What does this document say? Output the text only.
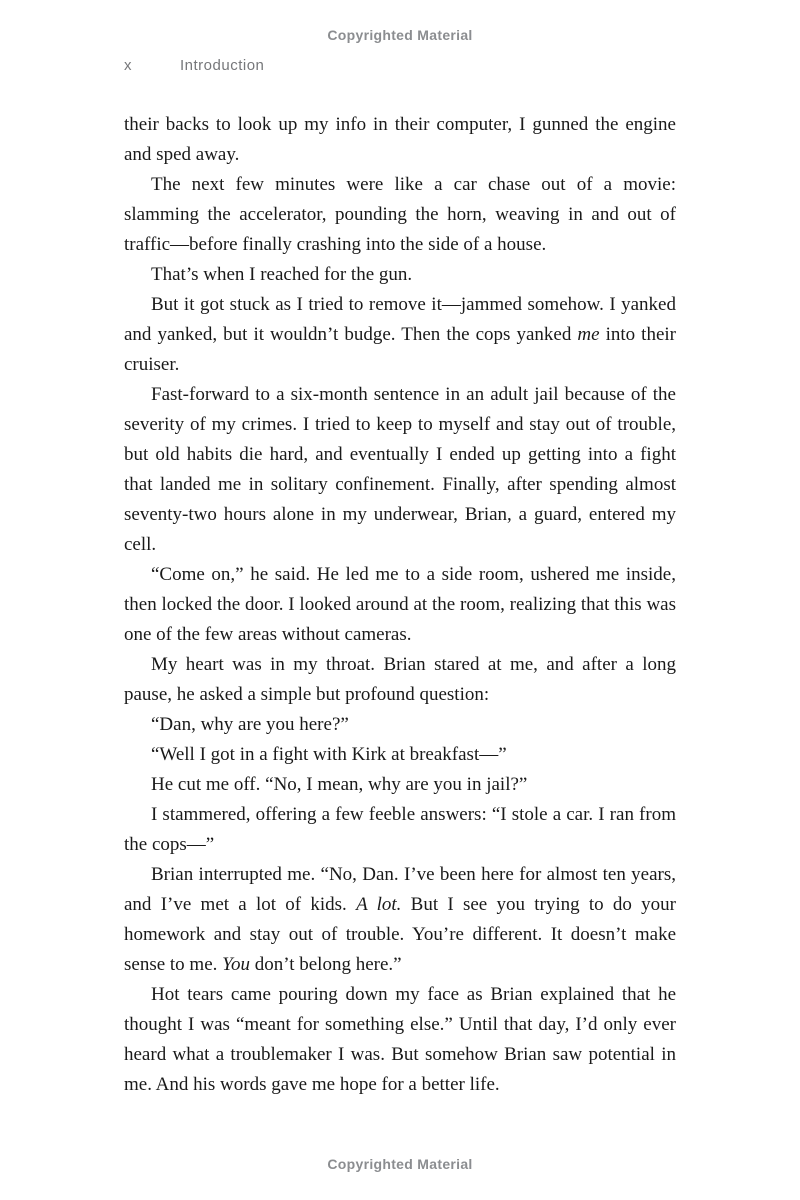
Copyrighted Material
x	Introduction

their backs to look up my info in their computer, I gunned the engine and sped away.

The next few minutes were like a car chase out of a movie: slamming the accelerator, pounding the horn, weaving in and out of traffic—before finally crashing into the side of a house.

That’s when I reached for the gun.

But it got stuck as I tried to remove it—jammed somehow. I yanked and yanked, but it wouldn’t budge. Then the cops yanked me into their cruiser.

Fast-forward to a six-month sentence in an adult jail because of the severity of my crimes. I tried to keep to myself and stay out of trouble, but old habits die hard, and eventually I ended up getting into a fight that landed me in solitary confinement. Finally, after spending almost seventy-two hours alone in my underwear, Brian, a guard, entered my cell.

“Come on,” he said. He led me to a side room, ushered me inside, then locked the door. I looked around at the room, realizing that this was one of the few areas without cameras.

My heart was in my throat. Brian stared at me, and after a long pause, he asked a simple but profound question:

“Dan, why are you here?”

“Well I got in a fight with Kirk at breakfast—”

He cut me off. “No, I mean, why are you in jail?”

I stammered, offering a few feeble answers: “I stole a car. I ran from the cops—”

Brian interrupted me. “No, Dan. I’ve been here for almost ten years, and I’ve met a lot of kids. A lot. But I see you trying to do your homework and stay out of trouble. You’re different. It doesn’t make sense to me. You don’t belong here.”

Hot tears came pouring down my face as Brian explained that he thought I was “meant for something else.” Until that day, I’d only ever heard what a troublemaker I was. But somehow Brian saw potential in me. And his words gave me hope for a better life.

Copyrighted Material
